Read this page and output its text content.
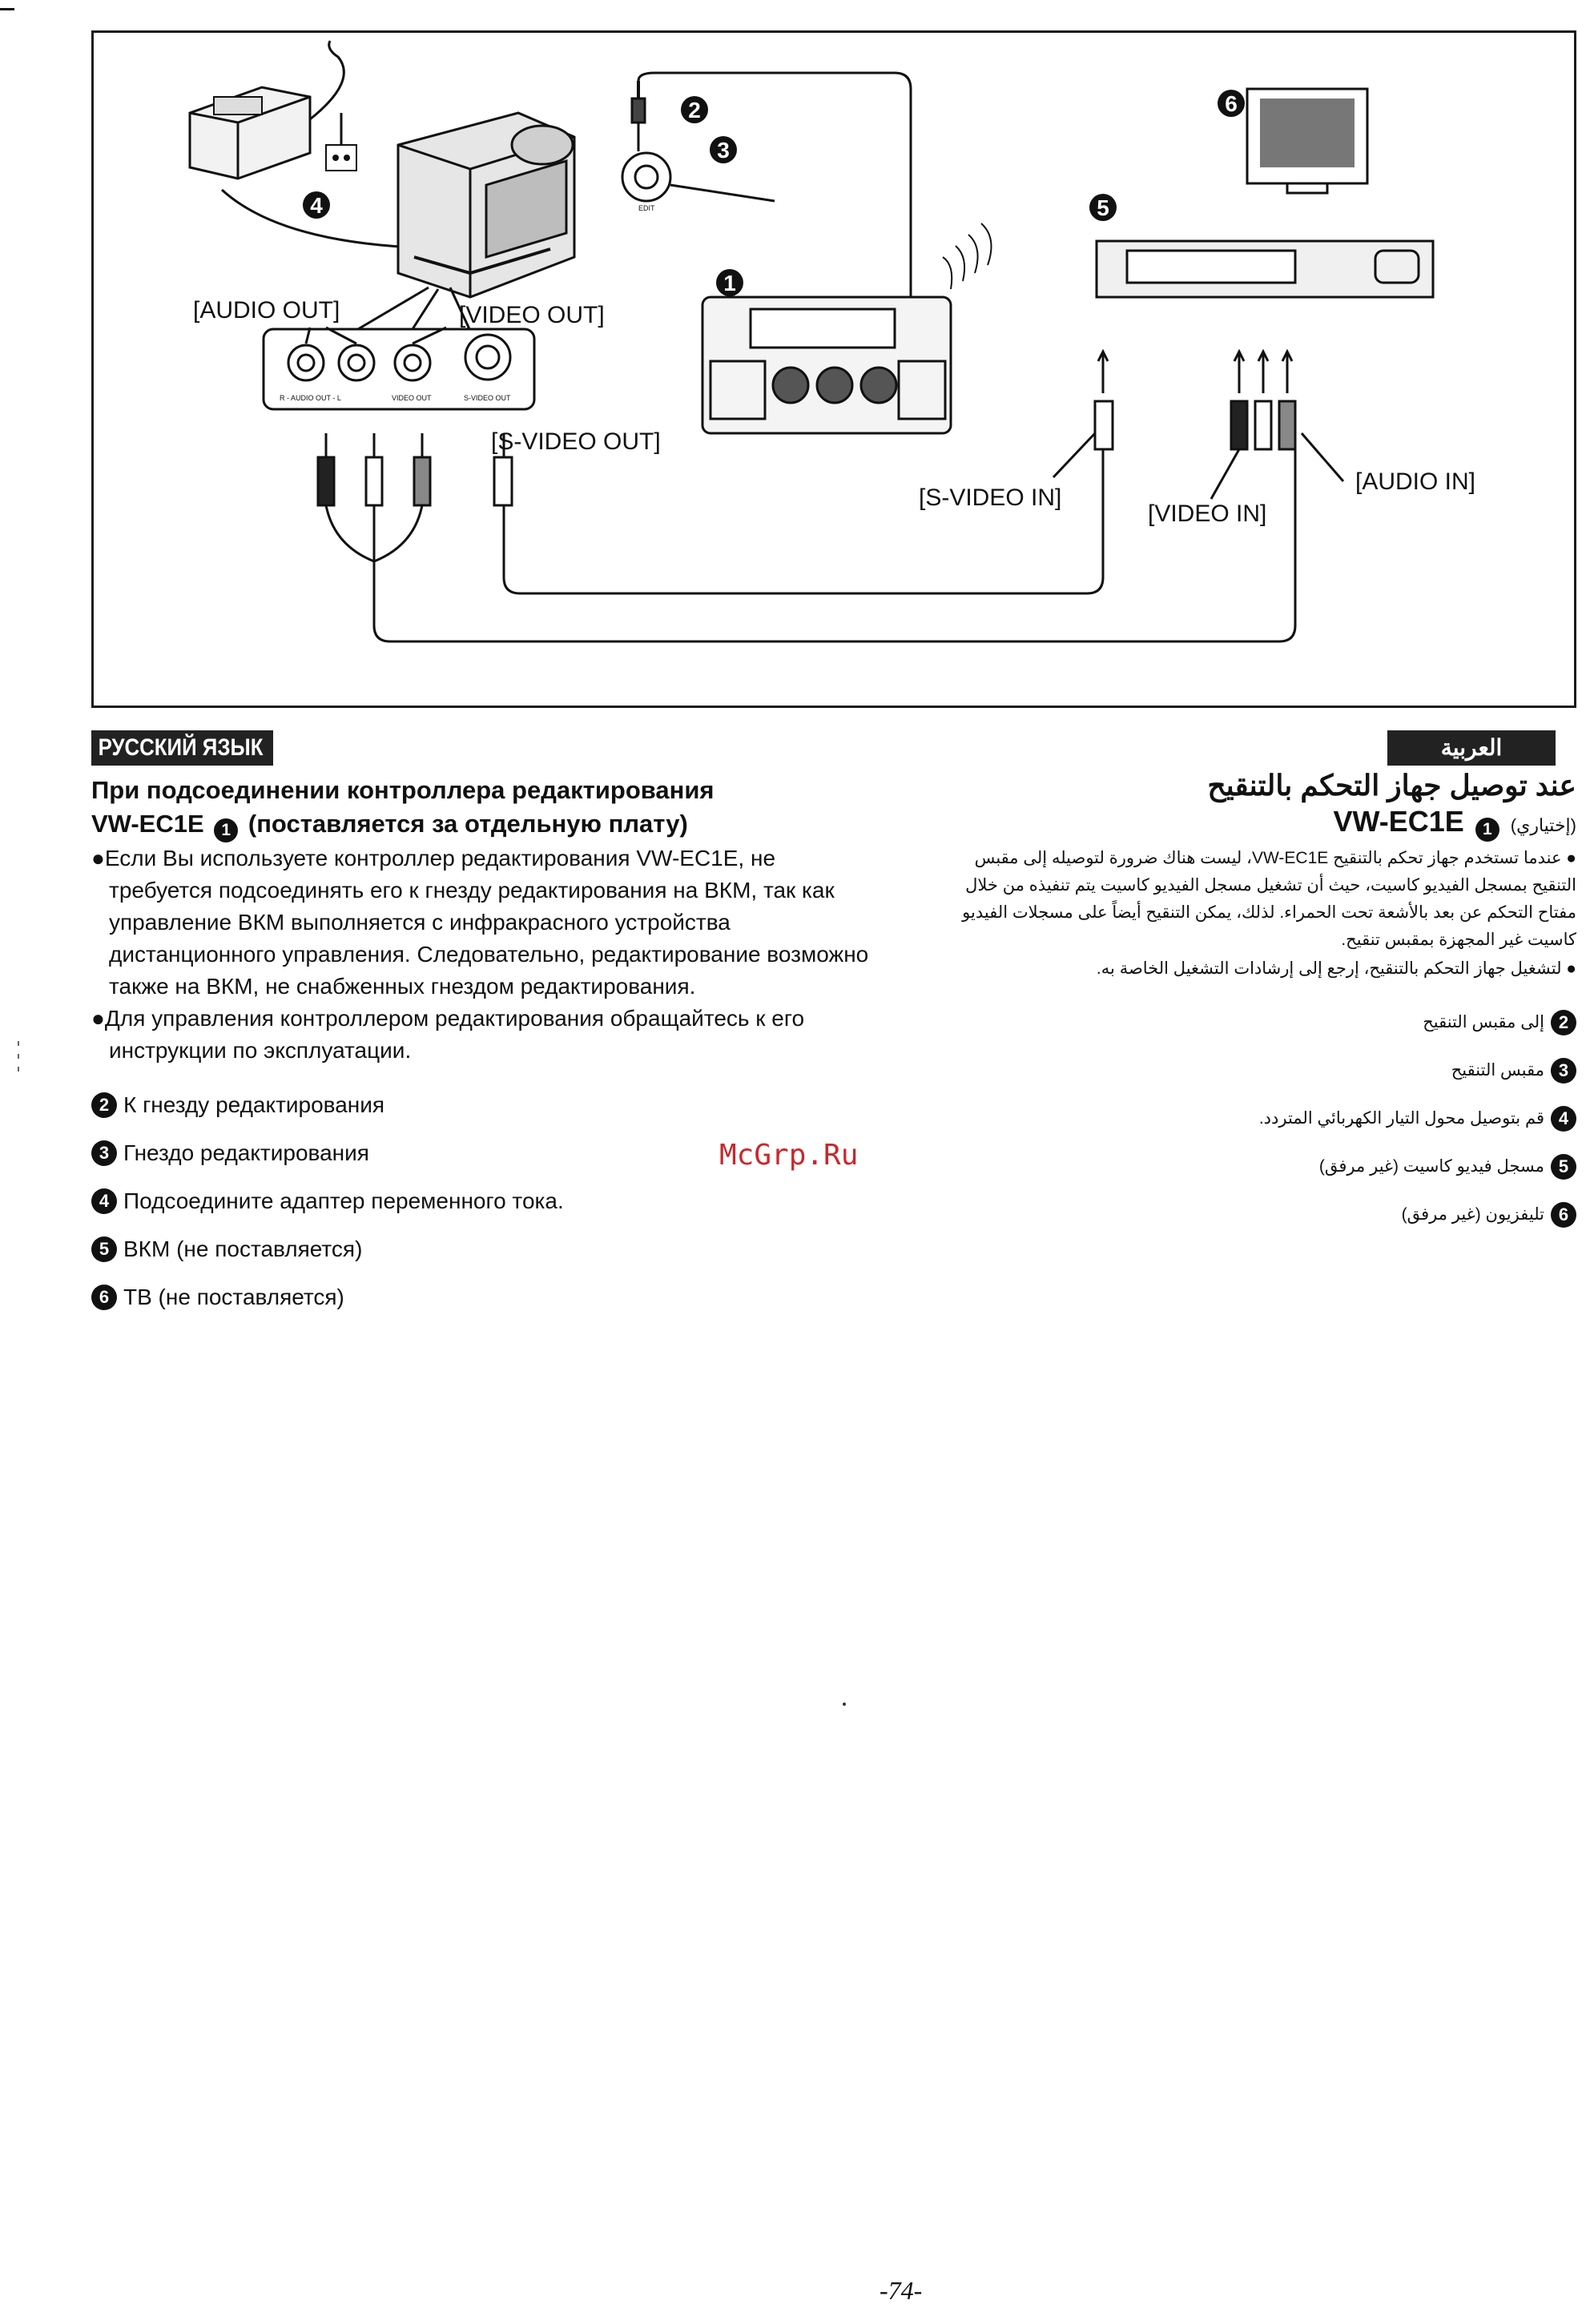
1
2
3
4	5
6
R - AUDIO OUT - L	VIDEO OUT	S-VIDEO OUT
EDIT
[AUDIO OUT]	[VIDEO OUT]
[S-VIDEO OUT]
[S-VIDEO IN]
[VIDEO IN]
[AUDIO IN]
РУССКИЙ ЯЗЫК	العربية

При подсоединении контроллера редактирования

VW-EC1E 1 (поставляется за отдельную плату)

●Если Вы используете контроллер редактирования VW-EC1E, не требуется подсоединять его к гнезду редактирования на ВКМ, так как управление ВКМ выполняется с инфракрасного устройства дистанционного управления. Следовательно, редактирование возможно также на ВКМ, не снабженных гнездом редактирования.

●Для управления контроллером редактирования обращайтесь к его инструкции по эксплуатации.

2 К гнезду редактирования
3 Гнездо редактирования
4 Подсоедините адаптер переменного тока.
5 ВКМ (не поставляется)
6 ТВ (не поставляется)

عند توصيل جهاز التحكم بالتنقيح

(إختياري) 1 VW-EC1E

● عندما تستخدم جهاز تحكم بالتنقيح VW-EC1E، ليست هناك ضرورة لتوصيله إلى مقبس التنقيح بمسجل الفيديو كاسيت، حيث أن تشغيل مسجل الفيديو كاسيت يتم تنفيذه من خلال مفتاح التحكم عن بعد بالأشعة تحت الحمراء. لذلك، يمكن التنقيح أيضاً على مسجلات الفيديو كاسيت غير المجهزة بمقبس تنقيح.

● لتشغيل جهاز التحكم بالتنقيح، إرجع إلى إرشادات التشغيل الخاصة به.

2
إلى مقبس التنقيح
3
مقبس التنقيح
4
قم بتوصيل محول التيار الكهربائي المتردد.
5
مسجل فيديو كاسيت (غير مرفق)
6
تليفزيون (غير مرفق)
McGrp.Ru
-74-
